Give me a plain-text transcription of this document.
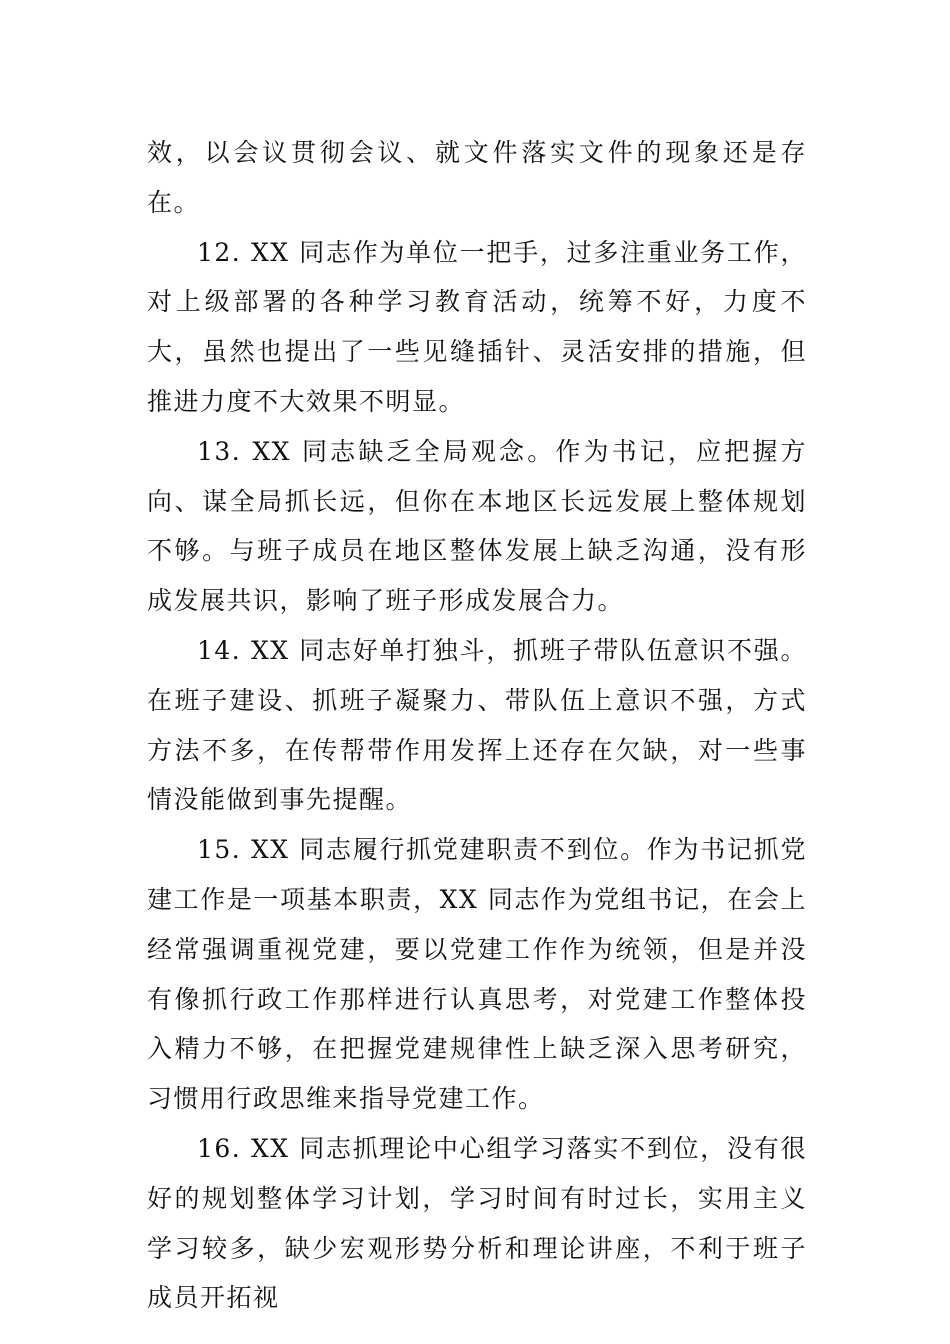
效，以会议贯彻会议、就文件落实文件的现象还是存在。

12. XX 同志作为单位一把手，过多注重业务工作，对上级部署的各种学习教育活动，统筹不好，力度不大，虽然也提出了一些见缝插针、灵活安排的措施，但推进力度不大效果不明显。

13. XX 同志缺乏全局观念。作为书记，应把握方向、谋全局抓长远，但你在本地区长远发展上整体规划不够。与班子成员在地区整体发展上缺乏沟通，没有形成发展共识，影响了班子形成发展合力。

14. XX 同志好单打独斗，抓班子带队伍意识不强。在班子建设、抓班子凝聚力、带队伍上意识不强，方式方法不多，在传帮带作用发挥上还存在欠缺，对一些事情没能做到事先提醒。

15. XX 同志履行抓党建职责不到位。作为书记抓党建工作是一项基本职责，XX 同志作为党组书记，在会上经常强调重视党建，要以党建工作作为统领，但是并没有像抓行政工作那样进行认真思考，对党建工作整体投入精力不够，在把握党建规律性上缺乏深入思考研究，习惯用行政思维来指导党建工作。

16. XX 同志抓理论中心组学习落实不到位，没有很好的规划整体学习计划，学习时间有时过长，实用主义学习较多，缺少宏观形势分析和理论讲座，不利于班子成员开拓视
